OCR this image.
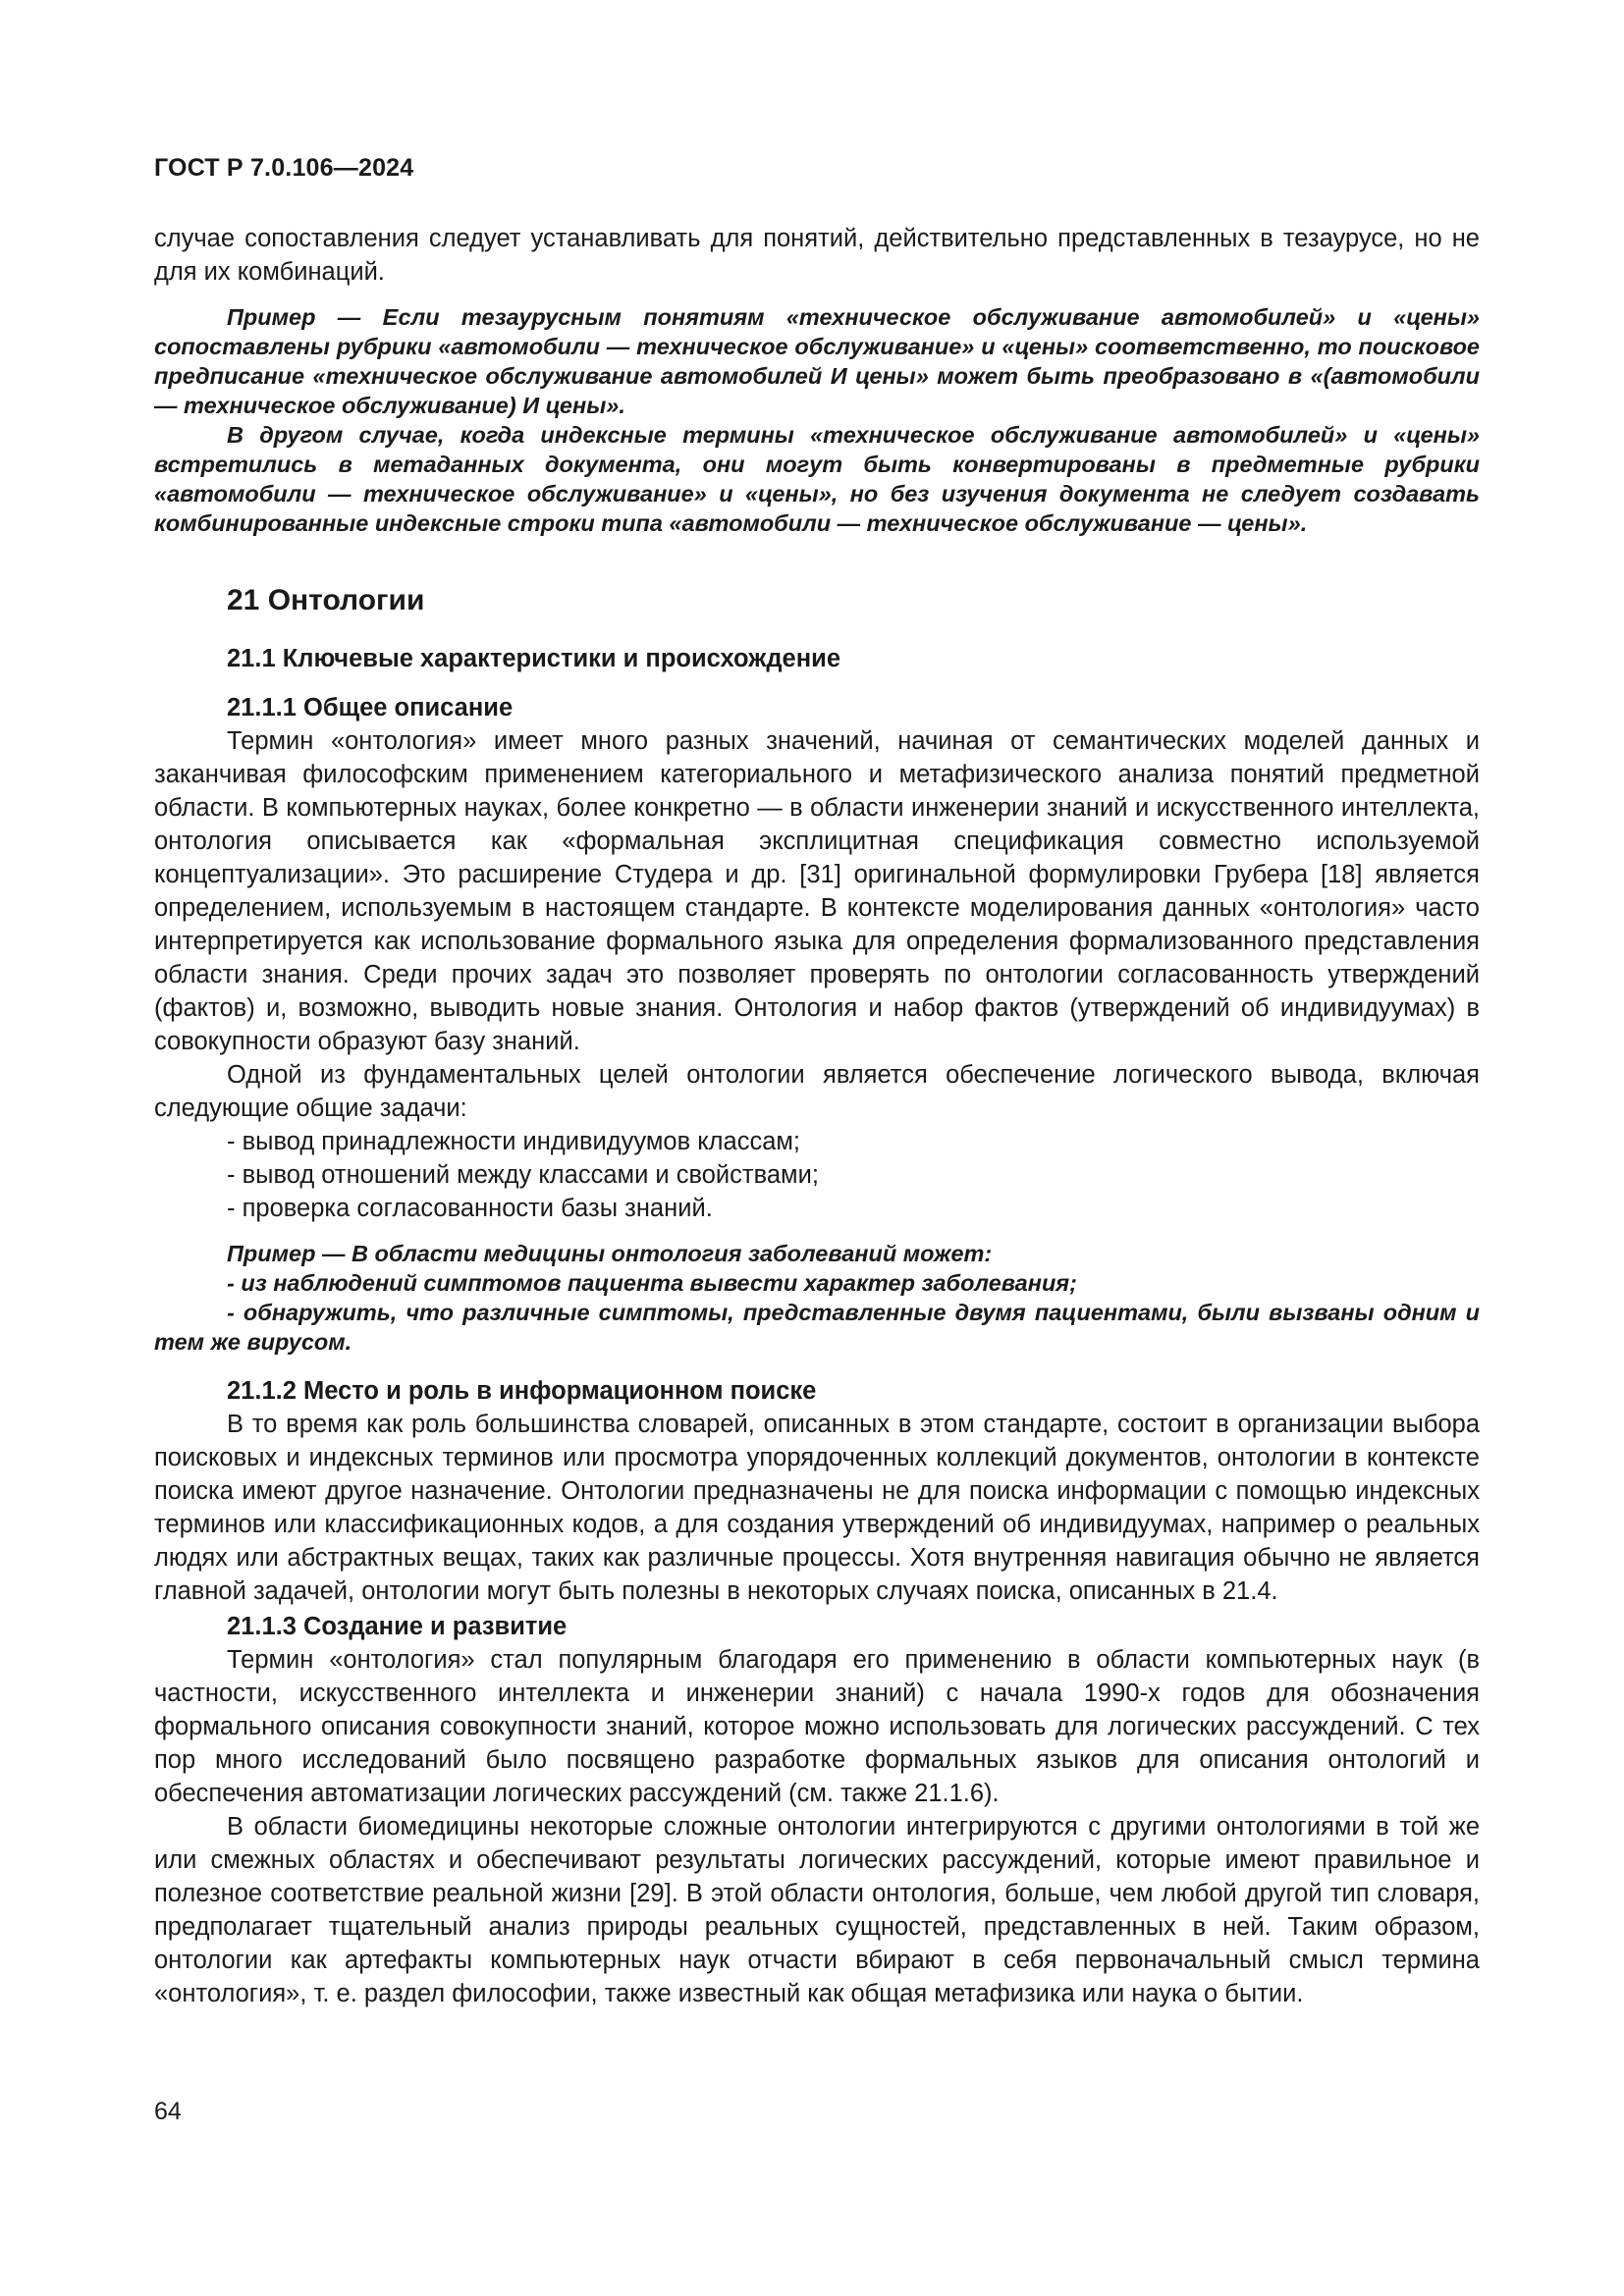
ГОСТ Р 7.0.106—2024

случае сопоставления следует устанавливать для понятий, действительно представленных в тезаурусе, но не для их комбинаций.

Пример — Если тезаурусным понятиям «техническое обслуживание автомобилей» и «цены» сопоставлены рубрики «автомобили — техническое обслуживание» и «цены» соответственно, то поисковое предписание «техническое обслуживание автомобилей И цены» может быть преобразовано в «(автомобили — техническое обслуживание) И цены».

В другом случае, когда индексные термины «техническое обслуживание автомобилей» и «цены» встретились в метаданных документа, они могут быть конвертированы в предметные рубрики «автомобили — техническое обслуживание» и «цены», но без изучения документа не следует создавать комбинированные индексные строки типа «автомобили — техническое обслуживание — цены».

21 Онтологии
21.1 Ключевые характеристики и происхождение
21.1.1 Общее описание

Термин «онтология» имеет много разных значений, начиная от семантических моделей данных и заканчивая философским применением категориального и метафизического анализа понятий предметной области. В компьютерных науках, более конкретно — в области инженерии знаний и искусственного интеллекта, онтология описывается как «формальная эксплицитная спецификация совместно используемой концептуализации». Это расширение Студера и др. [31] оригинальной формулировки Грубера [18] является определением, используемым в настоящем стандарте. В контексте моделирования данных «онтология» часто интерпретируется как использование формального языка для определения формализованного представления области знания. Среди прочих задач это позволяет проверять по онтологии согласованность утверждений (фактов) и, возможно, выводить новые знания. Онтология и набор фактов (утверждений об индивидуумах) в совокупности образуют базу знаний.

Одной из фундаментальных целей онтологии является обеспечение логического вывода, включая следующие общие задачи:

- вывод принадлежности индивидуумов классам;
- вывод отношений между классами и свойствами;
- проверка согласованности базы знаний.

Пример — В области медицины онтология заболеваний может:

- из наблюдений симптомов пациента вывести характер заболевания;

- обнаружить, что различные симптомы, представленные двумя пациентами, были вызваны одним и тем же вирусом.

21.1.2 Место и роль в информационном поиске

В то время как роль большинства словарей, описанных в этом стандарте, состоит в организации выбора поисковых и индексных терминов или просмотра упорядоченных коллекций документов, онтологии в контексте поиска имеют другое назначение. Онтологии предназначены не для поиска информации с помощью индексных терминов или классификационных кодов, а для создания утверждений об индивидуумах, например о реальных людях или абстрактных вещах, таких как различные процессы. Хотя внутренняя навигация обычно не является главной задачей, онтологии могут быть полезны в некоторых случаях поиска, описанных в 21.4.

21.1.3 Создание и развитие

Термин «онтология» стал популярным благодаря его применению в области компьютерных наук (в частности, искусственного интеллекта и инженерии знаний) с начала 1990-х годов для обозначения формального описания совокупности знаний, которое можно использовать для логических рассуждений. С тех пор много исследований было посвящено разработке формальных языков для описания онтологий и обеспечения автоматизации логических рассуждений (см. также 21.1.6).

В области биомедицины некоторые сложные онтологии интегрируются с другими онтологиями в той же или смежных областях и обеспечивают результаты логических рассуждений, которые имеют правильное и полезное соответствие реальной жизни [29]. В этой области онтология, больше, чем любой другой тип словаря, предполагает тщательный анализ природы реальных сущностей, представленных в ней. Таким образом, онтологии как артефакты компьютерных наук отчасти вбирают в себя первоначальный смысл термина «онтология», т. е. раздел философии, также известный как общая метафизика или наука о бытии.

64
